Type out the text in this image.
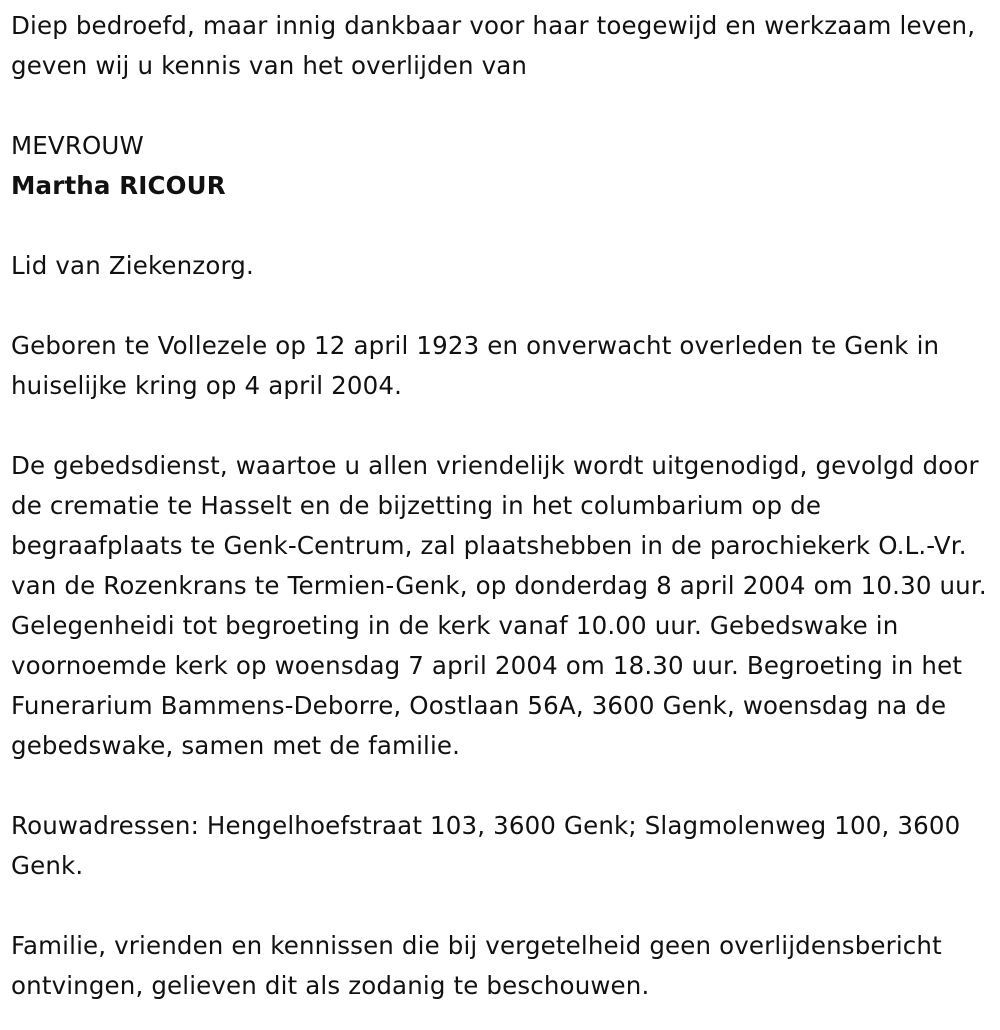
Diep bedroefd, maar innig dankbaar voor haar toegewijd en werkzaam leven, geven wij u kennis van het overlijden van

MEVROUW

Martha RICOUR

Lid van Ziekenzorg.

Geboren te Vollezele op 12 april 1923 en onverwacht overleden te Genk in huiselijke kring op 4 april 2004.

De gebedsdienst, waartoe u allen vriendelijk wordt uitgenodigd, gevolgd door de crematie te Hasselt en de bijzetting in het columbarium op de begraafplaats te Genk-Centrum, zal plaatshebben in de parochiekerk O.L.-Vr. van de Rozenkrans te Termien-Genk, op donderdag 8 april 2004 om 10.30 uur. Gelegenheidi tot begroeting in de kerk vanaf 10.00 uur. Gebedswake in voornoemde kerk op woensdag 7 april 2004 om 18.30 uur. Begroeting in het Funerarium Bammens-Deborre, Oostlaan 56A, 3600 Genk, woensdag na de gebedswake, samen met de familie.

Rouwadressen: Hengelhoefstraat 103, 3600 Genk; Slagmolenweg 100, 3600 Genk.

Familie, vrienden en kennissen die bij vergetelheid geen overlijdensbericht ontvingen, gelieven dit als zodanig te beschouwen.
